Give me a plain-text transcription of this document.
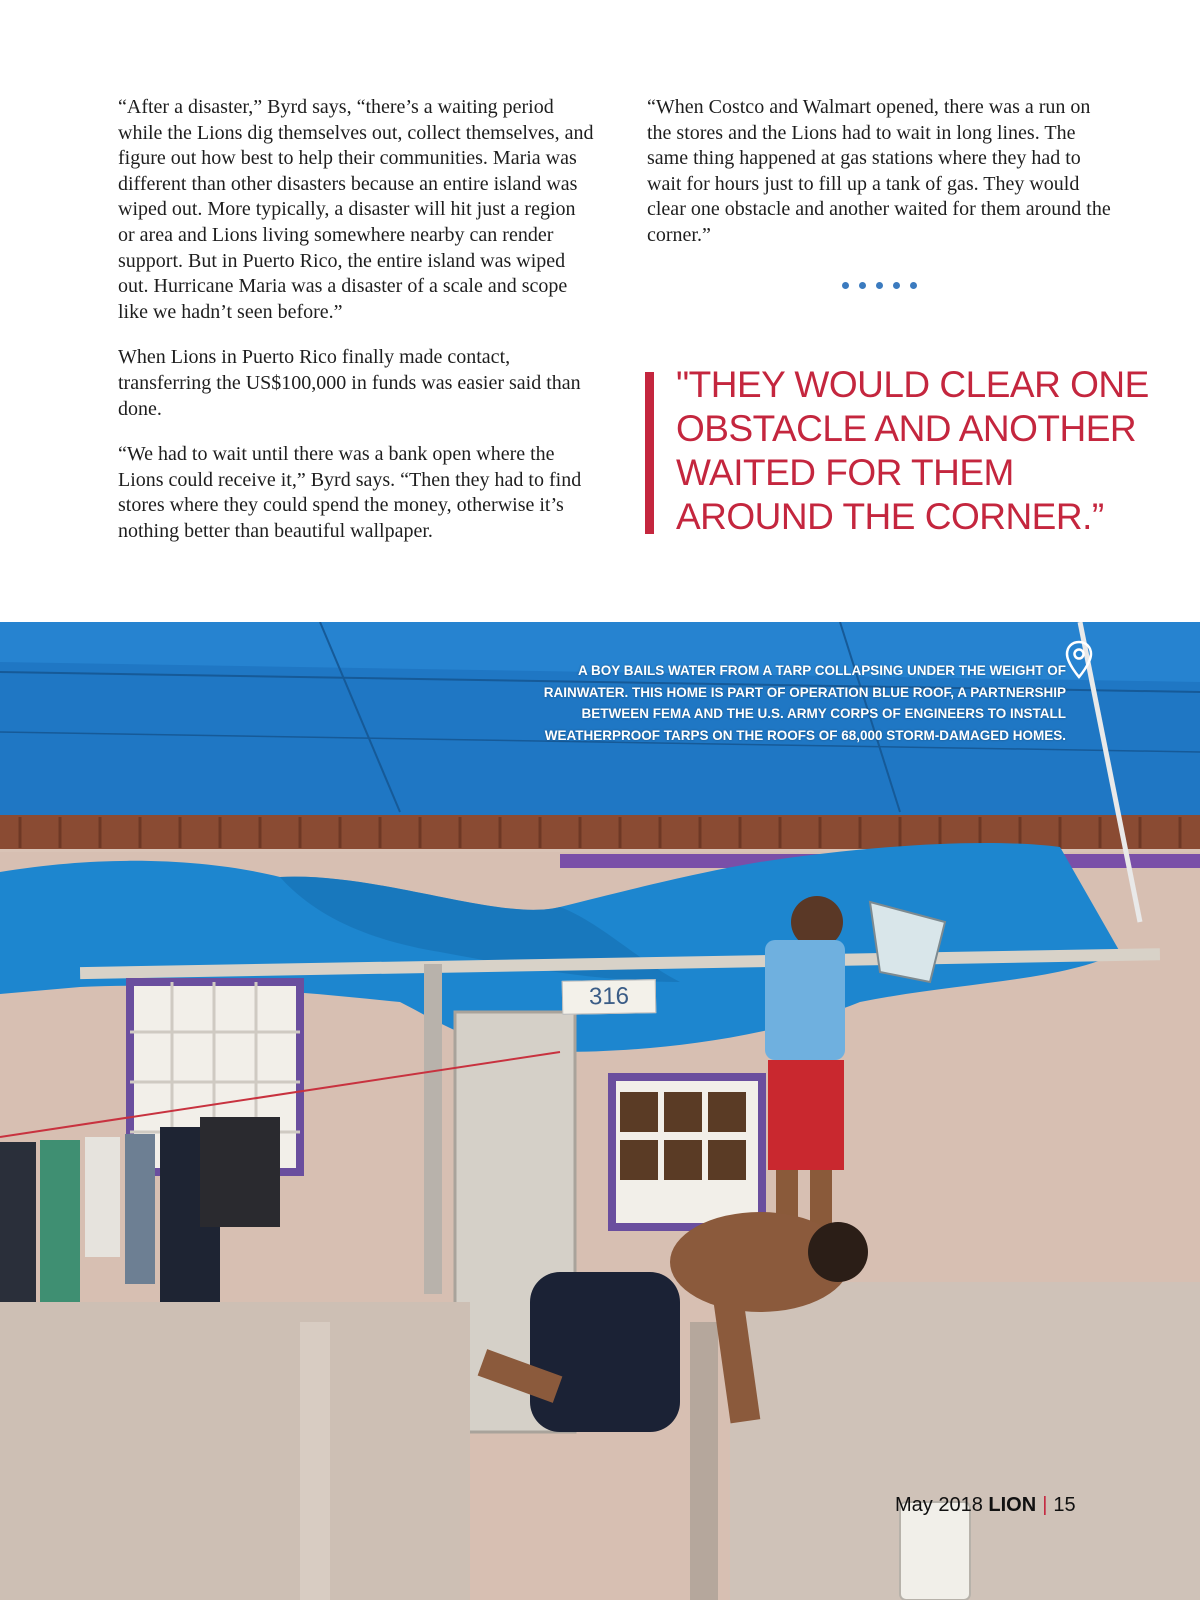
“After a disaster,” Byrd says, “there’s a waiting period while the Lions dig themselves out, collect themselves, and figure out how best to help their communities. Maria was different than other disasters because an entire island was wiped out. More typically, a disaster will hit just a region or area and Lions living somewhere nearby can render support. But in Puerto Rico, the entire island was wiped out. Hurricane Maria was a disaster of a scale and scope like we hadn’t seen before.”

When Lions in Puerto Rico finally made contact, transferring the US$100,000 in funds was easier said than done.

“We had to wait until there was a bank open where the Lions could receive it,” Byrd says. “Then they had to find stores where they could spend the money, otherwise it’s nothing better than beautiful wallpaper.

“When Costco and Walmart opened, there was a run on the stores and the Lions had to wait in long lines. The same thing happened at gas stations where they had to wait for hours just to fill up a tank of gas. They would clear one obstacle and another waited for them around the corner.”

"THEY WOULD CLEAR ONE
OBSTACLE AND ANOTHER
WAITED FOR THEM
AROUND THE CORNER.”
316
A BOY BAILS WATER FROM A TARP COLLAPSING UNDER THE WEIGHT OF
RAINWATER. THIS HOME IS PART OF OPERATION BLUE ROOF, A PARTNERSHIP
BETWEEN FEMA AND THE U.S. ARMY CORPS OF ENGINEERS TO INSTALL
WEATHERPROOF TARPS ON THE ROOFS OF 68,000 STORM-DAMAGED HOMES.
May 2018 LION | 15
